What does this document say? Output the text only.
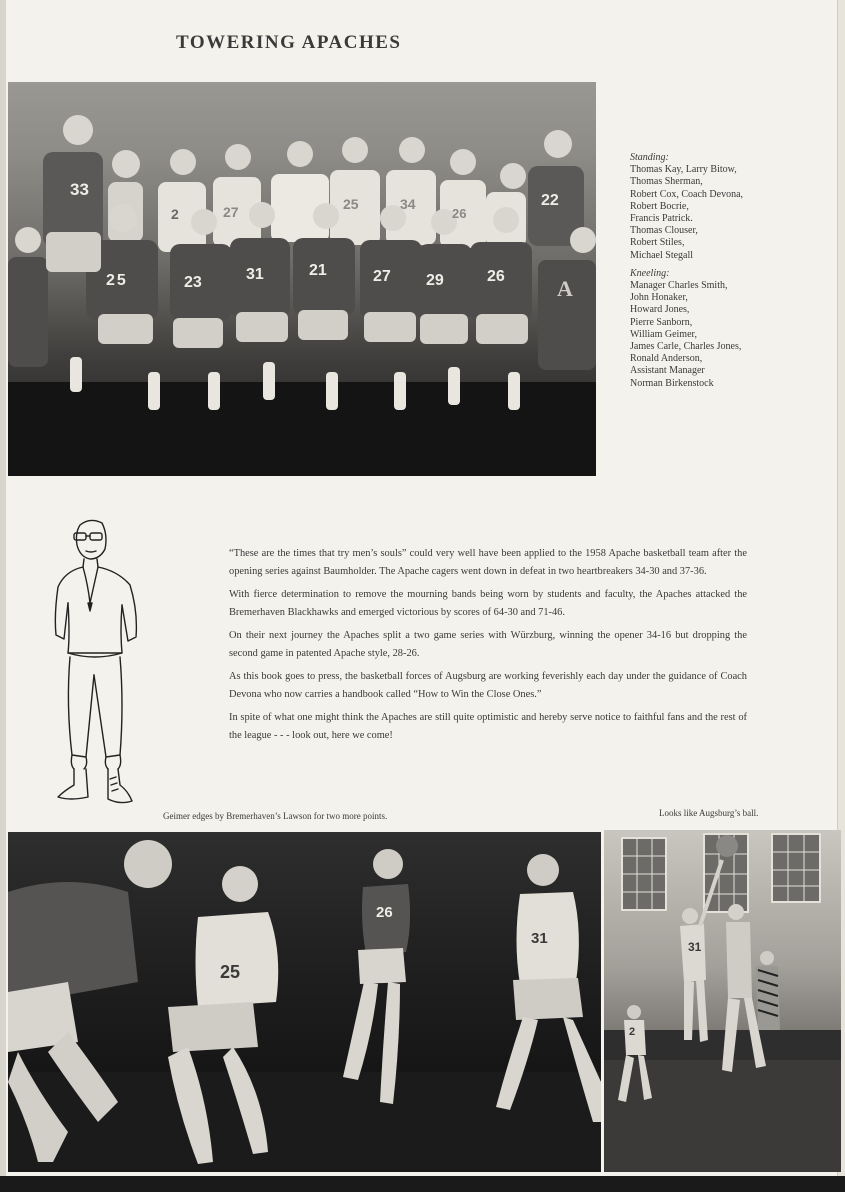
TOWERING APACHES
33
2	27	25	34
26
22
25	23	31	21	27 29	26 A
Standing:
Thomas Kay, Larry Bitow,
Thomas Sherman,
Robert Cox, Coach Devona,
Robert Bocrie,
Francis Patrick.
Thomas Clouser,
Robert Stiles,
Michael Stegall
Kneeling:
Manager Charles Smith,
John Honaker,
Howard Jones,
Pierre Sanborn,
William Geimer,
James Carle, Charles Jones,
Ronald Anderson,
Assistant Manager
Norman Birkenstock

“These are the times that try men’s souls” could very well have been applied to the 1958 Apache basketball team after the opening series against Baumholder. The Apache cagers went down in defeat in two heartbreakers 34-30 and 37-36.

With fierce determination to remove the mourning bands being worn by students and faculty, the Apaches attacked the Bremerhaven Blackhawks and emerged victorious by scores of 64-30 and 71-46.

On their next journey the Apaches split a two game series with Würzburg, winning the opener 34-16 but dropping the second game in patented Apache style, 28-26.

As this book goes to press, the basketball forces of Augsburg are working feverishly each day under the guidance of Coach Devona who now carries a handbook called “How to Win the Close Ones.”

In spite of what one might think the Apaches are still quite optimistic and hereby serve notice to faithful fans and the rest of the league - - - look out, here we come!

Geimer edges by Bremerhaven’s Lawson for two more points.	Looks like Augsburg’s ball.
25
26
31	31
2
